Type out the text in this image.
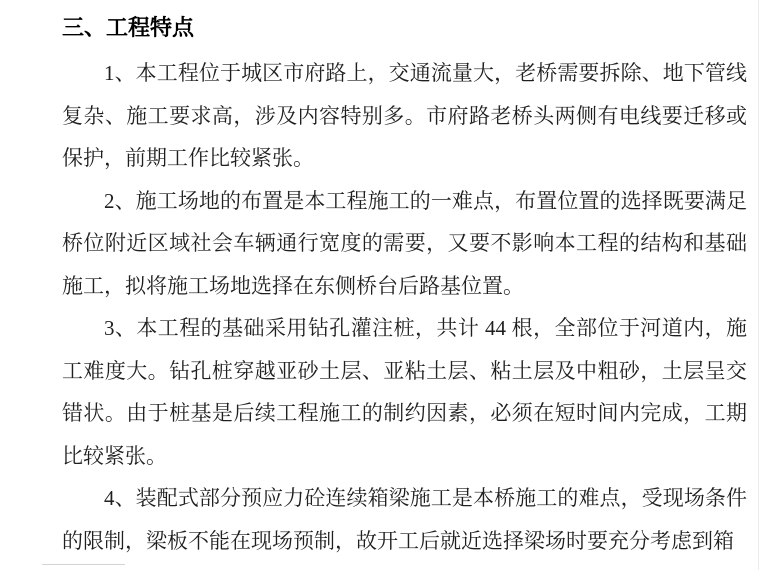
三、工程特点

1、本工程位于城区市府路上，交通流量大，老桥需要拆除、地下管线复杂、施工要求高，涉及内容特别多。市府路老桥头两侧有电线要迁移或保护，前期工作比较紧张。

2、施工场地的布置是本工程施工的一难点，布置位置的选择既要满足桥位附近区域社会车辆通行宽度的需要，又要不影响本工程的结构和基础施工，拟将施工场地选择在东侧桥台后路基位置。

3、本工程的基础采用钻孔灌注桩，共计 44 根，全部位于河道内，施工难度大。钻孔桩穿越亚砂土层、亚粘土层、粘土层及中粗砂，土层呈交错状。由于桩基是后续工程施工的制约因素，必须在短时间内完成，工期比较紧张。

4、装配式部分预应力砼连续箱梁施工是本桥施工的难点，受现场条件的限制，梁板不能在现场预制，故开工后就近选择梁场时要充分考虑到箱
